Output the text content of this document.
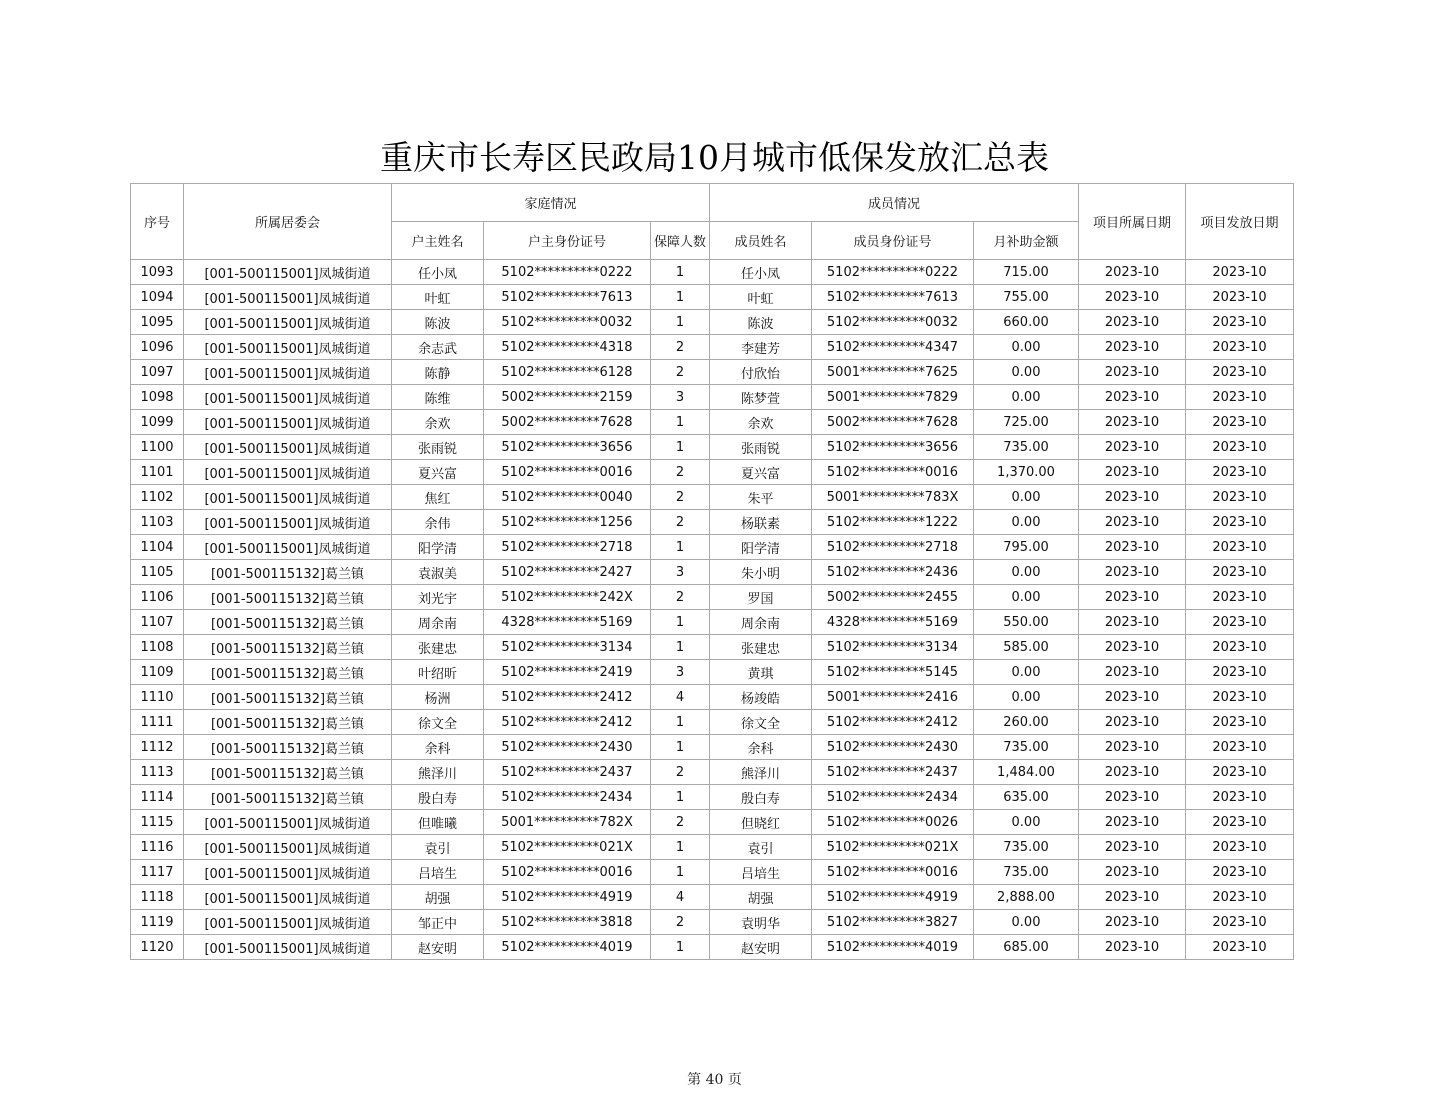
重庆市长寿区民政局10月城市低保发放汇总表
序号	所属居委会	家庭情况			成员情况			项目所属日期	项目发放日期
		户主姓名	户主身份证号	保障人数	成员姓名	成员身份证号	月补助金额		
1093	[001-500115001]凤城街道	任小凤	5102**********0222	1	任小凤	5102**********0222	715.00	2023-10	2023-10
1094	[001-500115001]凤城街道	叶虹	5102**********7613	1	叶虹	5102**********7613	755.00	2023-10	2023-10
1095	[001-500115001]凤城街道	陈波	5102**********0032	1	陈波	5102**********0032	660.00	2023-10	2023-10
1096	[001-500115001]凤城街道	余志武	5102**********4318	2	李建芳	5102**********4347	0.00	2023-10	2023-10
1097	[001-500115001]凤城街道	陈静	5102**********6128	2	付欣怡	5001**********7625	0.00	2023-10	2023-10
1098	[001-500115001]凤城街道	陈维	5002**********2159	3	陈梦萱	5001**********7829	0.00	2023-10	2023-10
1099	[001-500115001]凤城街道	余欢	5002**********7628	1	余欢	5002**********7628	725.00	2023-10	2023-10
1100	[001-500115001]凤城街道	张雨锐	5102**********3656	1	张雨锐	5102**********3656	735.00	2023-10	2023-10
1101	[001-500115001]凤城街道	夏兴富	5102**********0016	2	夏兴富	5102**********0016	1,370.00	2023-10	2023-10
1102	[001-500115001]凤城街道	焦红	5102**********0040	2	朱平	5001**********783X	0.00	2023-10	2023-10
1103	[001-500115001]凤城街道	余伟	5102**********1256	2	杨联素	5102**********1222	0.00	2023-10	2023-10
1104	[001-500115001]凤城街道	阳学清	5102**********2718	1	阳学清	5102**********2718	795.00	2023-10	2023-10
1105	[001-500115132]葛兰镇	袁淑美	5102**********2427	3	朱小明	5102**********2436	0.00	2023-10	2023-10
1106	[001-500115132]葛兰镇	刘光宇	5102**********242X	2	罗国	5002**********2455	0.00	2023-10	2023-10
1107	[001-500115132]葛兰镇	周余南	4328**********5169	1	周余南	4328**********5169	550.00	2023-10	2023-10
1108	[001-500115132]葛兰镇	张建忠	5102**********3134	1	张建忠	5102**********3134	585.00	2023-10	2023-10
1109	[001-500115132]葛兰镇	叶绍昕	5102**********2419	3	黄琪	5102**********5145	0.00	2023-10	2023-10
1110	[001-500115132]葛兰镇	杨洲	5102**********2412	4	杨竣皓	5001**********2416	0.00	2023-10	2023-10
1111	[001-500115132]葛兰镇	徐文全	5102**********2412	1	徐文全	5102**********2412	260.00	2023-10	2023-10
1112	[001-500115132]葛兰镇	余科	5102**********2430	1	余科	5102**********2430	735.00	2023-10	2023-10
1113	[001-500115132]葛兰镇	熊泽川	5102**********2437	2	熊泽川	5102**********2437	1,484.00	2023-10	2023-10
1114	[001-500115132]葛兰镇	殷白寿	5102**********2434	1	殷白寿	5102**********2434	635.00	2023-10	2023-10
1115	[001-500115001]凤城街道	但唯曦	5001**********782X	2	但晓红	5102**********0026	0.00	2023-10	2023-10
1116	[001-500115001]凤城街道	袁引	5102**********021X	1	袁引	5102**********021X	735.00	2023-10	2023-10
1117	[001-500115001]凤城街道	吕培生	5102**********0016	1	吕培生	5102**********0016	735.00	2023-10	2023-10
1118	[001-500115001]凤城街道	胡强	5102**********4919	4	胡强	5102**********4919	2,888.00	2023-10	2023-10
1119	[001-500115001]凤城街道	邹正中	5102**********3818	2	袁明华	5102**********3827	0.00	2023-10	2023-10
1120	[001-500115001]凤城街道	赵安明	5102**********4019	1	赵安明	5102**********4019	685.00	2023-10	2023-10
第 40 页
